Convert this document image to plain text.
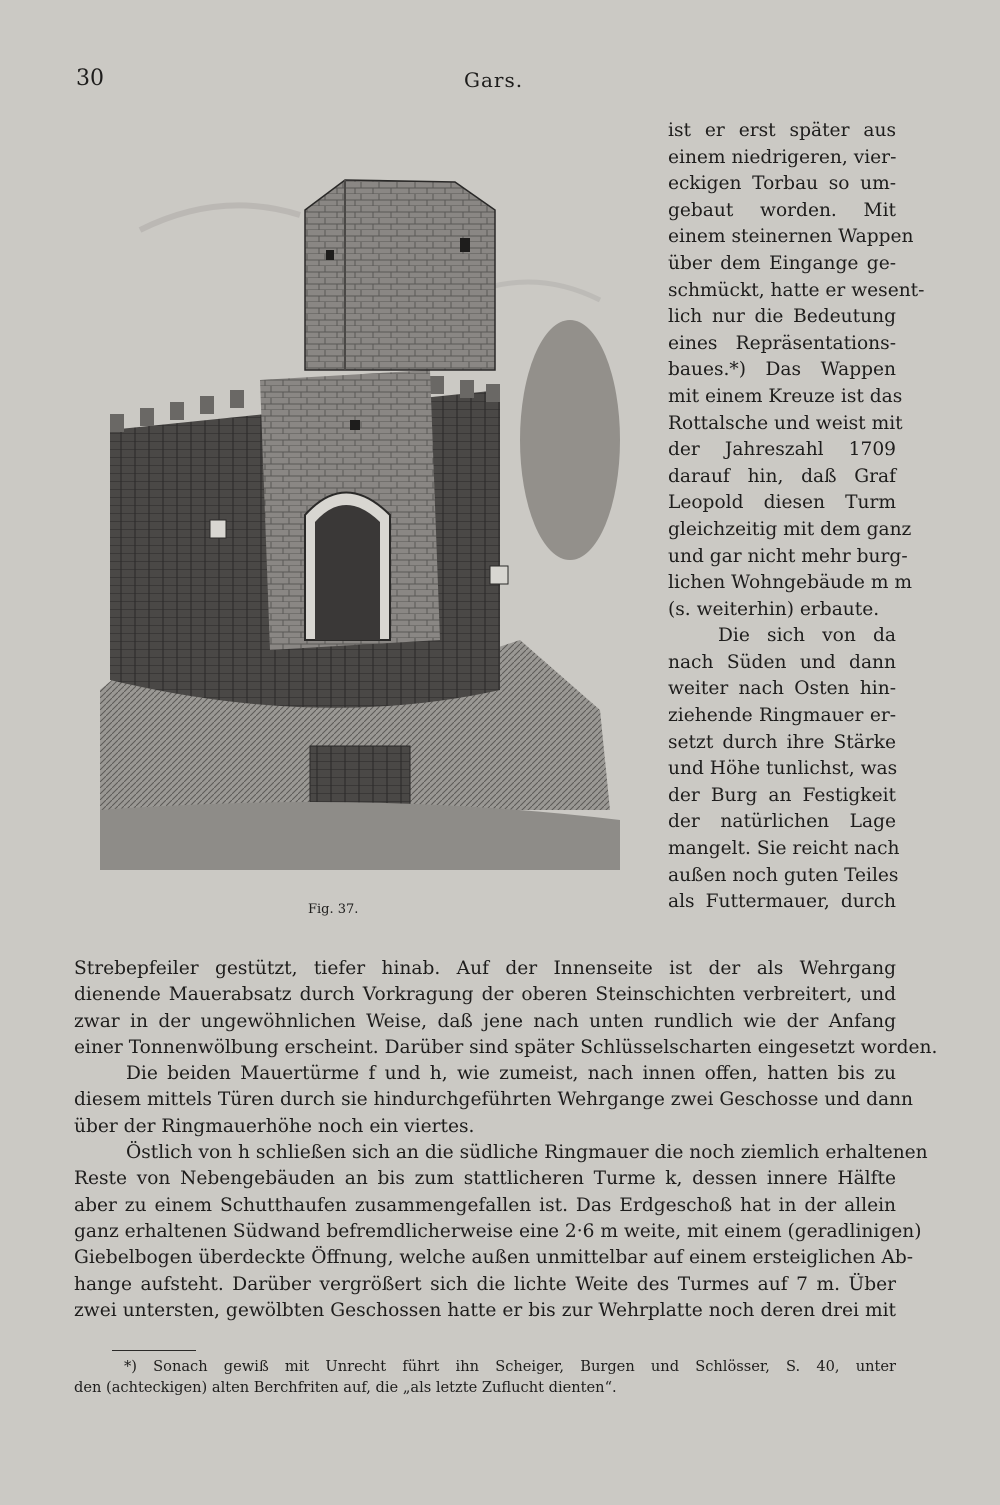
30	Gars.
Fig. 37.
ist er erst später aus
einem niedrigeren, vier-
eckigen Torbau so um-
gebaut worden. Mit
einem steinernen Wappen
über dem Eingange ge-
schmückt, hatte er wesent-
lich nur die Bedeutung
eines Repräsentations-
baues.*) Das Wappen
mit einem Kreuze ist das
Rottalsche und weist mit
der Jahreszahl 1709
darauf hin, daß Graf
Leopold diesen Turm
gleichzeitig mit dem ganz
und gar nicht mehr burg-
lichen Wohngebäude m m
(s. weiterhin) erbaute.
Die sich von da
nach Süden und dann
weiter nach Osten hin-
ziehende Ringmauer er-
setzt durch ihre Stärke
und Höhe tunlichst, was
der Burg an Festigkeit
der natürlichen Lage
mangelt. Sie reicht nach
außen noch guten Teiles
als Futtermauer, durch
Strebepfeiler gestützt, tiefer hinab. Auf der Innenseite ist der als Wehrgang
dienende Mauerabsatz durch Vorkragung der oberen Steinschichten verbreitert, und
zwar in der ungewöhnlichen Weise, daß jene nach unten rundlich wie der Anfang
einer Tonnenwölbung erscheint. Darüber sind später Schlüsselscharten eingesetzt worden.
Die beiden Mauertürme f und h, wie zumeist, nach innen offen, hatten bis zu
diesem mittels Türen durch sie hindurchgeführten Wehrgange zwei Geschosse und dann
über der Ringmauerhöhe noch ein viertes.
Östlich von h schließen sich an die südliche Ringmauer die noch ziemlich erhaltenen
Reste von Nebengebäuden an bis zum stattlicheren Turme k, dessen innere Hälfte
aber zu einem Schutthaufen zusammengefallen ist. Das Erdgeschoß hat in der allein
ganz erhaltenen Südwand befremdlicherweise eine 2·6 m weite, mit einem (geradlinigen)
Giebelbogen überdeckte Öffnung, welche außen unmittelbar auf einem ersteiglichen Ab-
hange aufsteht. Darüber vergrößert sich die lichte Weite des Turmes auf 7 m. Über
zwei untersten, gewölbten Geschossen hatte er bis zur Wehrplatte noch deren drei mit
*) Sonach gewiß mit Unrecht führt ihn Scheiger, Burgen und Schlösser, S. 40, unter
den (achteckigen) alten Berchfriten auf, die „als letzte Zuflucht dienten“.
